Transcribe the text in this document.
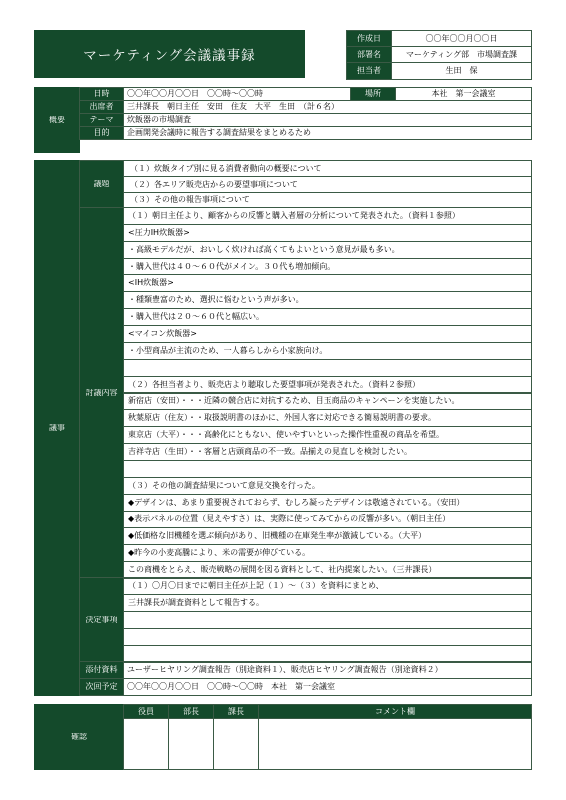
マーケティング会議議事録
作成日	〇〇年〇〇月〇〇日
部署名	マーケティング部　市場調査課
担当者	生田　保
概要
日時	〇〇年〇〇月〇〇日　〇〇時～〇〇時	場所	本社　第一会議室
出席者	三井課長　朝日主任　安田　住友　大平　生田　（計６名）
テーマ	炊飯器の市場調査
目的	企画開発会議時に報告する調査結果をまとめるため
議事
議題
（１）炊飯タイプ別に見る消費者動向の概要について
（２）各エリア販売店からの要望事項について
（３）その他の報告事項について
討議内容
（１）朝日主任より、顧客からの反響と購入者層の分析について発表された。（資料１参照）
<圧力IH炊飯器>
・高級モデルだが、おいしく炊ければ高くてもよいという意見が最も多い。
・購入世代は４０～６０代がメイン。３０代も増加傾向。
<IH炊飯器>
・種類豊富のため、選択に悩むという声が多い。
・購入世代は２０～６０代と幅広い。
<マイコン炊飯器>
・小型商品が主流のため、一人暮らしから小家族向け。
（２）各担当者より、販売店より聴取した要望事項が発表された。（資料２参照）
新宿店（安田）・・・近隣の競合店に対抗するため、目玉商品のキャンペーンを実施したい。
秋葉原店（住友）・・取扱説明書のほかに、外国人客に対応できる簡易説明書の要求。
東京店（大平）・・・高齢化にともない、使いやすいといった操作性重視の商品を希望。
吉祥寺店（生田）・・客層と店頭商品の不一致。品揃えの見直しを検討したい。
（３）その他の調査結果について意見交換を行った。
◆デザインは、あまり重要視されておらず、むしろ凝ったデザインは敬遠されている。（安田）
◆表示パネルの位置（見えやすさ）は、実際に使ってみてからの反響が多い。（朝日主任）
◆低価格な旧機種を選ぶ傾向があり、旧機種の在庫発生率が激減している。（大平）
◆昨今の小麦高騰により、米の需要が伸びている。
この商機をとらえ、販売戦略の展開を図る資料として、社内提案したい。（三井課長）
決定事項
（１）〇月〇日までに朝日主任が上記（１）～（３）を資料にまとめ、
三井課長が調査資料として報告する。
添付資料	ユーザーヒヤリング調査報告（別途資料１）、販売店ヒヤリング調査報告（別途資料２）
次回予定	〇〇年〇〇月〇〇日　〇〇時～〇〇時　本社　第一会議室
確認
役員	部長	課長	コメント欄
